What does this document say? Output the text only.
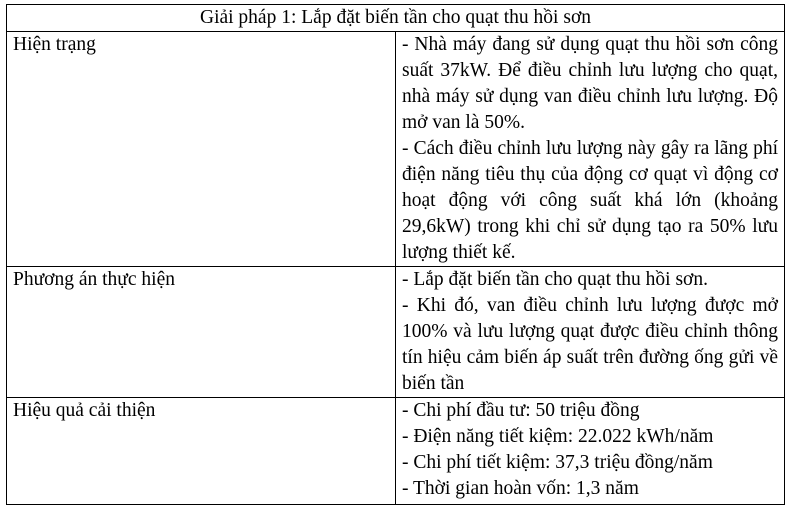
Giải pháp 1: Lắp đặt biến tần cho quạt thu hồi sơn	
Hiện trạng	- Nhà máy đang sử dụng quạt thu hồi sơn công suất 37kW. Để điều chỉnh lưu lượng cho quạt, nhà máy sử dụng van điều chỉnh lưu lượng. Độ mở van là 50%.
- Cách điều chỉnh lưu lượng này gây ra lãng phí điện năng tiêu thụ của động cơ quạt vì động cơ hoạt động với công suất khá lớn (khoảng 29,6kW) trong khi chỉ sử dụng tạo ra 50% lưu lượng thiết kế.

Phương án thực hiện	- Lắp đặt biến tần cho quạt thu hồi sơn.
- Khi đó, van điều chỉnh lưu lượng được mở 100% và lưu lượng quạt được điều chỉnh thông tín hiệu cảm biến áp suất trên đường ống gửi về biến tần

Hiệu quả cải thiện	- Chi phí đầu tư: 50 triệu đồng
- Điện năng tiết kiệm: 22.022 kWh/năm
- Chi phí tiết kiệm: 37,3 triệu đồng/năm
- Thời gian hoàn vốn: 1,3 năm
